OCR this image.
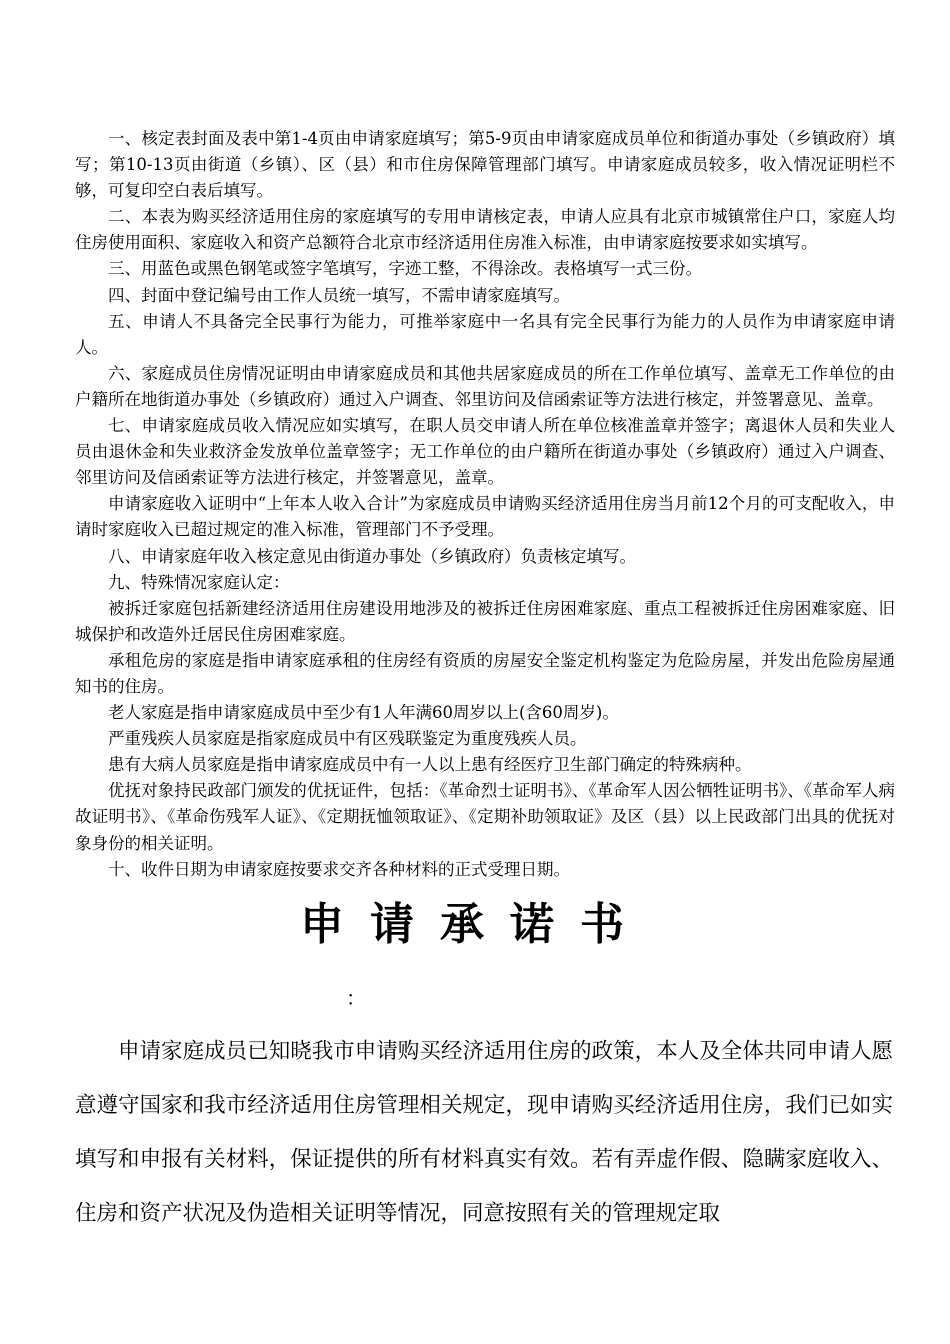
一、核定表封面及表中第1-4页由申请家庭填写；第5-9页由申请家庭成员单位和街道办事处（乡镇政府）填写；第10-13页由街道（乡镇）、区（县）和市住房保障管理部门填写。申请家庭成员较多，收入情况证明栏不够，可复印空白表后填写。

二、本表为购买经济适用住房的家庭填写的专用申请核定表，申请人应具有北京市城镇常住户口，家庭人均住房使用面积、家庭收入和资产总额符合北京市经济适用住房准入标准，由申请家庭按要求如实填写。

三、用蓝色或黑色钢笔或签字笔填写，字迹工整，不得涂改。表格填写一式三份。

四、封面中登记编号由工作人员统一填写，不需申请家庭填写。

五、申请人不具备完全民事行为能力，可推举家庭中一名具有完全民事行为能力的人员作为申请家庭申请人。

六、家庭成员住房情况证明由申请家庭成员和其他共居家庭成员的所在工作单位填写、盖章无工作单位的由户籍所在地街道办事处（乡镇政府）通过入户调查、邻里访问及信函索证等方法进行核定，并签署意见、盖章。

七、申请家庭成员收入情况应如实填写，在职人员交申请人所在单位核准盖章并签字；离退休人员和失业人员由退休金和失业救济金发放单位盖章签字；无工作单位的由户籍所在街道办事处（乡镇政府）通过入户调查、邻里访问及信函索证等方法进行核定，并签署意见，盖章。

申请家庭收入证明中“上年本人收入合计”为家庭成员申请购买经济适用住房当月前12个月的可支配收入，申请时家庭收入已超过规定的准入标准，管理部门不予受理。

八、申请家庭年收入核定意见由街道办事处（乡镇政府）负责核定填写。

九、特殊情况家庭认定：

被拆迁家庭包括新建经济适用住房建设用地涉及的被拆迁住房困难家庭、重点工程被拆迁住房困难家庭、旧城保护和改造外迁居民住房困难家庭。

承租危房的家庭是指申请家庭承租的住房经有资质的房屋安全鉴定机构鉴定为危险房屋，并发出危险房屋通知书的住房。

老人家庭是指申请家庭成员中至少有1人年满60周岁以上(含60周岁)。

严重残疾人员家庭是指家庭成员中有区残联鉴定为重度残疾人员。

患有大病人员家庭是指申请家庭成员中有一人以上患有经医疗卫生部门确定的特殊病种。

优抚对象持民政部门颁发的优抚证件，包括：《革命烈士证明书》、《革命军人因公牺牲证明书》、《革命军人病故证明书》、《革命伤残军人证》、《定期抚恤领取证》、《定期补助领取证》及区（县）以上民政部门出具的优抚对象身份的相关证明。

十、收件日期为申请家庭按要求交齐各种材料的正式受理日期。

申请承诺书
：

申请家庭成员已知晓我市申请购买经济适用住房的政策，本人及全体共同申请人愿意遵守国家和我市经济适用住房管理相关规定，现申请购买经济适用住房，我们已如实填写和申报有关材料，保证提供的所有材料真实有效。若有弄虚作假、隐瞒家庭收入、住房和资产状况及伪造相关证明等情况，同意按照有关的管理规定取
